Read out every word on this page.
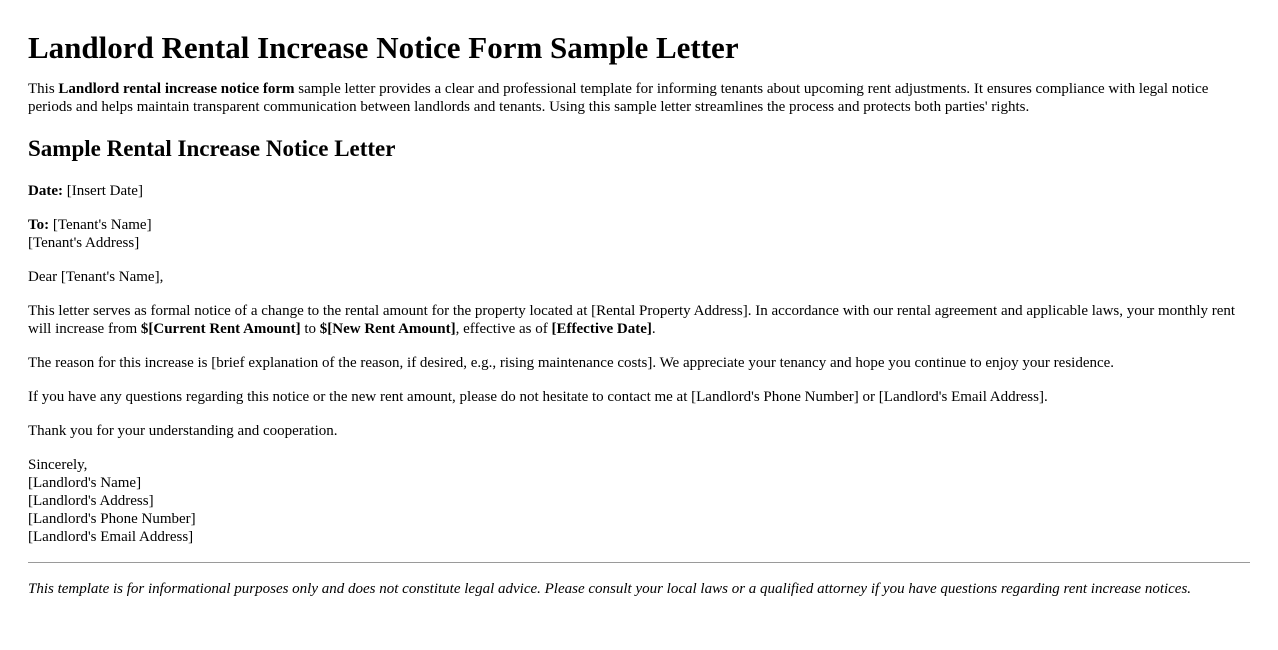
Landlord Rental Increase Notice Form Sample Letter

This Landlord rental increase notice form sample letter provides a clear and professional template for informing tenants about upcoming rent adjustments. It ensures compliance with legal notice periods and helps maintain transparent communication between landlords and tenants. Using this sample letter streamlines the process and protects both parties' rights.

Sample Rental Increase Notice Letter

Date: [Insert Date]

To: [Tenant's Name]
[Tenant's Address]

Dear [Tenant's Name],

This letter serves as formal notice of a change to the rental amount for the property located at [Rental Property Address]. In accordance with our rental agreement and applicable laws, your monthly rent will increase from $[Current Rent Amount] to $[New Rent Amount], effective as of [Effective Date].

The reason for this increase is [brief explanation of the reason, if desired, e.g., rising maintenance costs]. We appreciate your tenancy and hope you continue to enjoy your residence.

If you have any questions regarding this notice or the new rent amount, please do not hesitate to contact me at [Landlord's Phone Number] or [Landlord's Email Address].

Thank you for your understanding and cooperation.

Sincerely,
[Landlord's Name]
[Landlord's Address]
[Landlord's Phone Number]
[Landlord's Email Address]

This template is for informational purposes only and does not constitute legal advice. Please consult your local laws or a qualified attorney if you have questions regarding rent increase notices.
